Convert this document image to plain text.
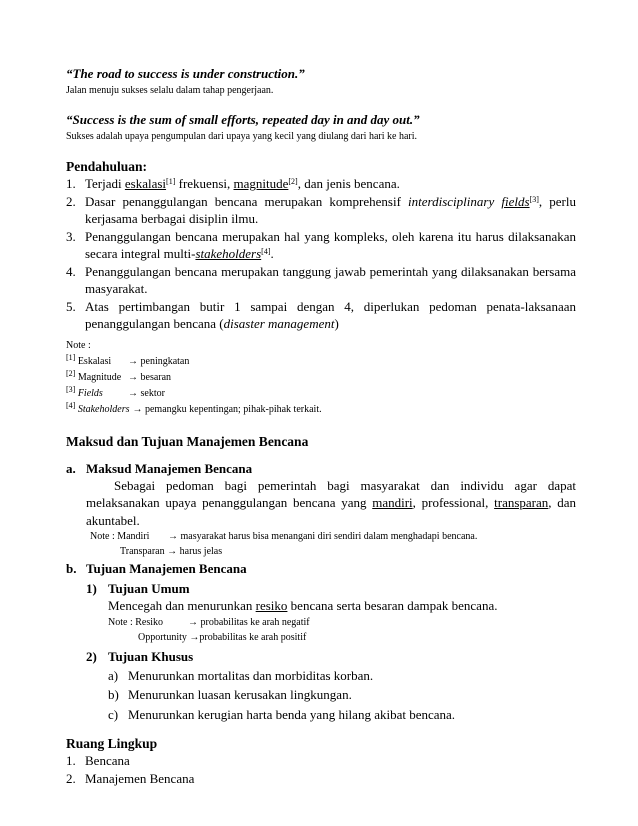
“The road to success is under construction.”
Jalan menuju sukses selalu dalam tahap pengerjaan.
“Success is the sum of small efforts, repeated day in and day out.”
Sukses adalah upaya pengumpulan dari upaya yang kecil yang diulang dari hari ke hari.
Pendahuluan:
1. Terjadi eskalasi[1] frekuensi, magnitude[2], dan jenis bencana.
2. Dasar penanggulangan bencana merupakan komprehensif interdisciplinary fields[3], perlu kerjasama berbagai disiplin ilmu.
3. Penanggulangan bencana merupakan hal yang kompleks, oleh karena itu harus dilaksanakan secara integral multi-stakeholders[4].
4. Penanggulangan bencana merupakan tanggung jawab pemerintah yang dilaksanakan bersama masyarakat.
5. Atas pertimbangan butir 1 sampai dengan 4, diperlukan pedoman penata-laksanaan penanggulangan bencana (disaster management)
Note :
[1] Eskalasi	→ peningkatan
[2] Magnitude → besaran
[3] Fields	→ sektor
[4] Stakeholders → pemangku kepentingan; pihak-pihak terkait.
Maksud dan Tujuan Manajemen Bencana
a. Maksud Manajemen Bencana
Sebagai pedoman bagi pemerintah bagi masyarakat dan individu agar dapat melaksanakan upaya penanggulangan bencana yang mandiri, professional, transparan, dan akuntabel.
Note : Mandiri → masyarakat harus bisa menangani diri sendiri dalam menghadapi bencana.
Transparan → harus jelas
b. Tujuan Manajemen Bencana
1) Tujuan Umum
Mencegah dan menurunkan resiko bencana serta besaran dampak bencana.
Note : Resiko	→ probabilitas ke arah negatif
Opportunity →probabilitas ke arah positif
2) Tujuan Khusus
a) Menurunkan mortalitas dan morbiditas korban.
b) Menurunkan luasan kerusakan lingkungan.
c) Menurunkan kerugian harta benda yang hilang akibat bencana.
Ruang Lingkup
1. Bencana
2. Manajemen Bencana
